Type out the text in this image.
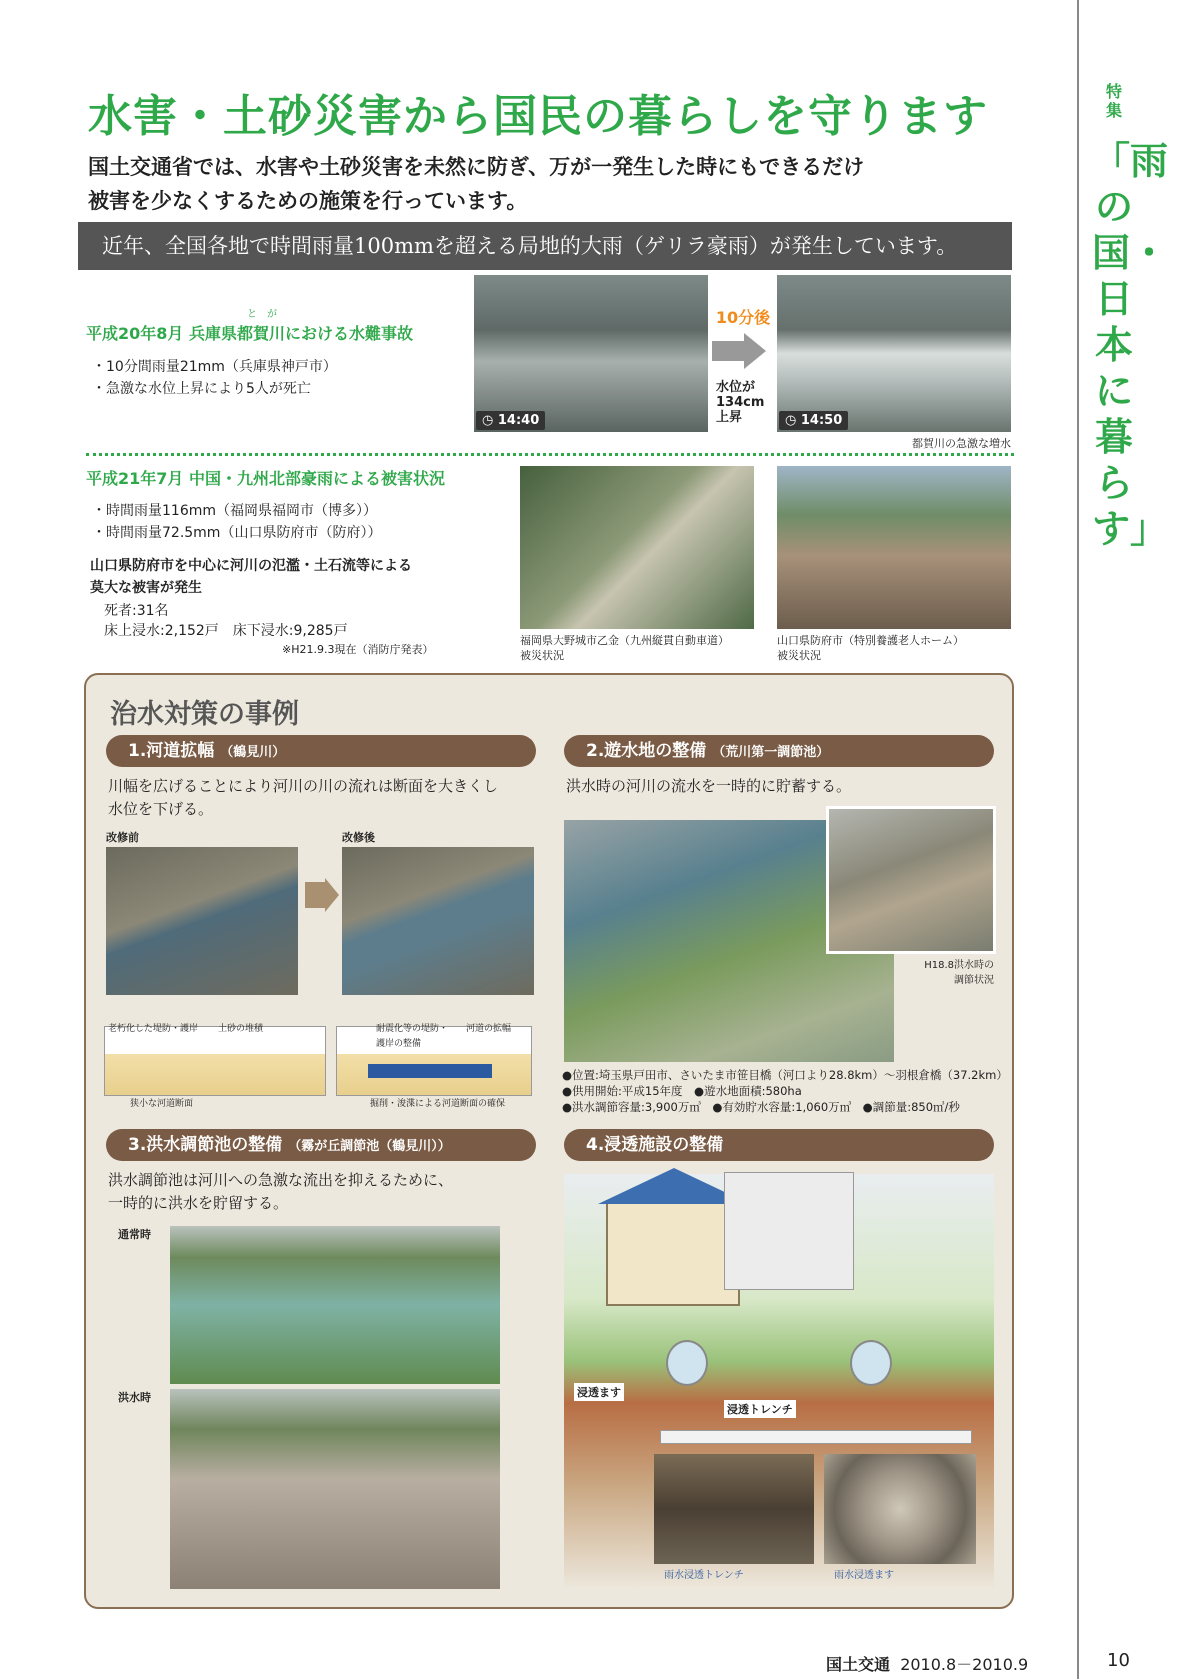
特集
「雨の国・日本に暮らす」
水害・土砂災害から国民の暮らしを守ります
国土交通省では、水害や土砂災害を未然に防ぎ、万が一発生した時にもできるだけ
被害を少なくするための施策を行っています。
近年、全国各地で時間雨量100mmを超える局地的大雨（ゲリラ豪雨）が発生しています。
と　が
平成20年8月 兵庫県都賀川における水難事故
・10分間雨量21mm（兵庫県神戸市）
・急激な水位上昇により5人が死亡
◷ 14:40
10分後
水位が
134cm
上昇	◷ 14:50
都賀川の急激な増水
平成21年7月 中国・九州北部豪雨による被害状況
・時間雨量116mm（福岡県福岡市（博多））
・時間雨量72.5mm（山口県防府市（防府））
山口県防府市を中心に河川の氾濫・土石流等による
莫大な被害が発生
死者:31名
床上浸水:2,152戸　床下浸水:9,285戸
※H21.9.3現在（消防庁発表）
福岡県大野城市乙金（九州縦貫自動車道）
被災状況
山口県防府市（特別養護老人ホーム）
被災状況
治水対策の事例
1.河道拡幅 （鶴見川）
川幅を広げることにより河川の川の流れは断面を大きくし
水位を下げる。
改修前	改修後
老朽化した堤防・護岸 土砂の堆積
狭小な河道断面
耐震化等の堤防・
護岸の整備
河道の拡幅
掘削・浚渫による河道断面の確保
2.遊水地の整備 （荒川第一調節池）
洪水時の河川の流水を一時的に貯蓄する。
H18.8洪水時の
調節状況
●位置:埼玉県戸田市、さいたま市笹目橋（河口より28.8km）～羽根倉橋（37.2km）
●供用開始:平成15年度　●遊水地面積:580ha
●洪水調節容量:3,900万㎥　●有効貯水容量:1,060万㎥　●調節量:850㎥/秒
3.洪水調節池の整備 （霧が丘調節池（鶴見川））
洪水調節池は河川への急激な流出を抑えるために、
一時的に洪水を貯留する。
通常時
洪水時
4.浸透施設の整備
浸透ます
浸透トレンチ
雨水浸透トレンチ	雨水浸透ます
国土交通 2010.8－2010.9	10
